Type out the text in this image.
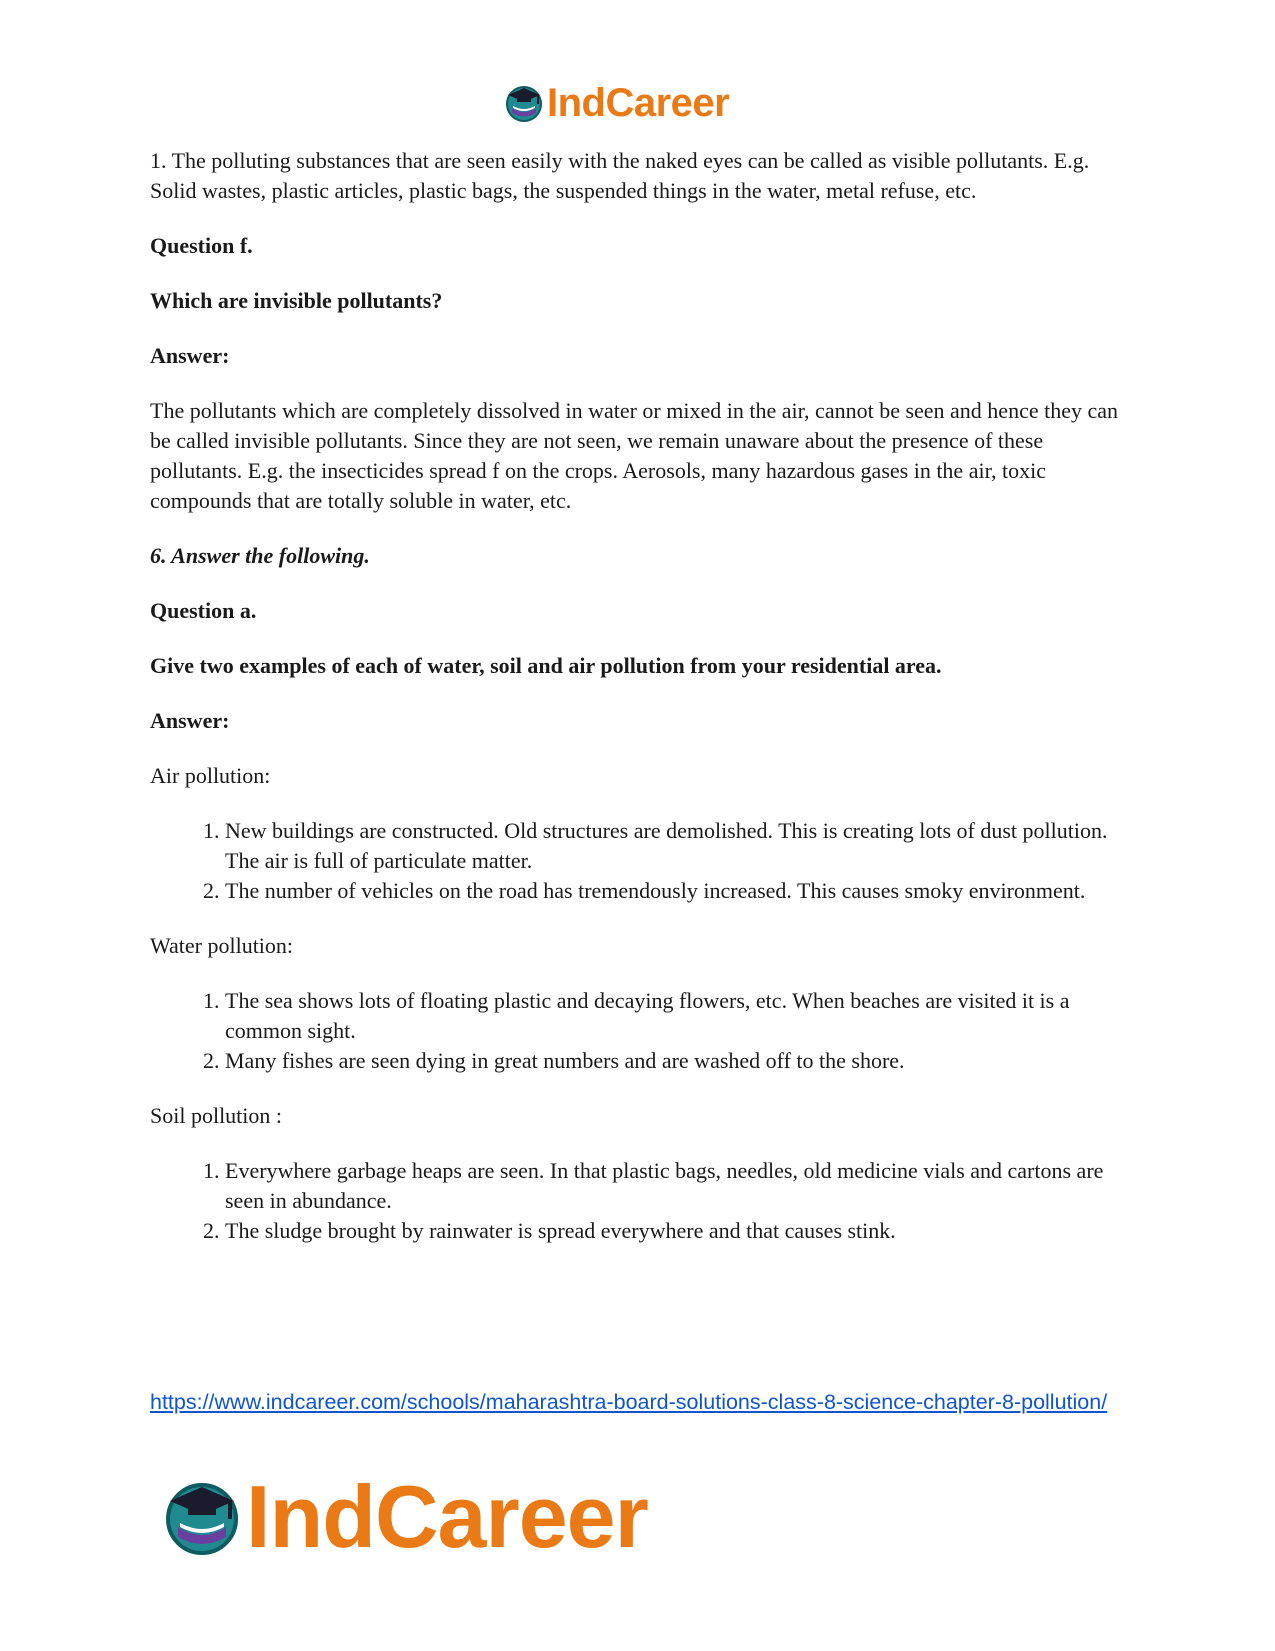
IndCareer

1. The polluting substances that are seen easily with the naked eyes can be called as visible pollutants. E.g. Solid wastes, plastic articles, plastic bags, the suspended things in the water, metal refuse, etc.

Question f.

Which are invisible pollutants?

Answer:

The pollutants which are completely dissolved in water or mixed in the air, cannot be seen and hence they can be called invisible pollutants. Since they are not seen, we remain unaware about the presence of these pollutants. E.g. the insecticides spread f on the crops. Aerosols, many hazardous gases in the air, toxic compounds that are totally soluble in water, etc.

6. Answer the following.

Question a.

Give two examples of each of water, soil and air pollution from your residential area.

Answer:

Air pollution:

1. New buildings are constructed. Old structures are demolished. This is creating lots of dust pollution. The air is full of particulate matter.
2. The number of vehicles on the road has tremendously increased. This causes smoky environment.

Water pollution:

1. The sea shows lots of floating plastic and decaying flowers, etc. When beaches are visited it is a common sight.
2. Many fishes are seen dying in great numbers and are washed off to the shore.

Soil pollution :

1. Everywhere garbage heaps are seen. In that plastic bags, needles, old medicine vials and cartons are seen in abundance.
2. The sludge brought by rainwater is spread everywhere and that causes stink.
https://www.indcareer.com/schools/maharashtra-board-solutions-class-8-science-chapter-8-pollution/
IndCareer
